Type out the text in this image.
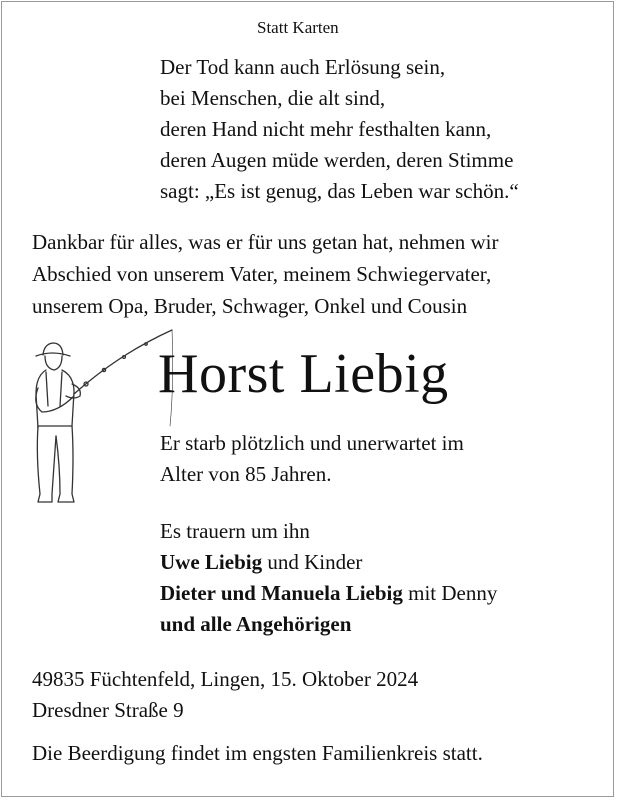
Statt Karten
Der Tod kann auch Erlösung sein,
bei Menschen, die alt sind,
deren Hand nicht mehr festhalten kann,
deren Augen müde werden, deren Stimme
sagt: „Es ist genug, das Leben war schön.“
Dankbar für alles, was er für uns getan hat, nehmen wir
Abschied von unserem Vater, meinem Schwiegervater,
unserem Opa, Bruder, Schwager, Onkel und Cousin
Horst Liebig
Er starb plötzlich und unerwartet im
Alter von 85 Jahren.
Es trauern um ihn
Uwe Liebig und Kinder
Dieter und Manuela Liebig mit Denny
und alle Angehörigen
49835 Füchtenfeld, Lingen, 15. Oktober 2024
Dresdner Straße 9
Die Beerdigung findet im engsten Familienkreis statt.
